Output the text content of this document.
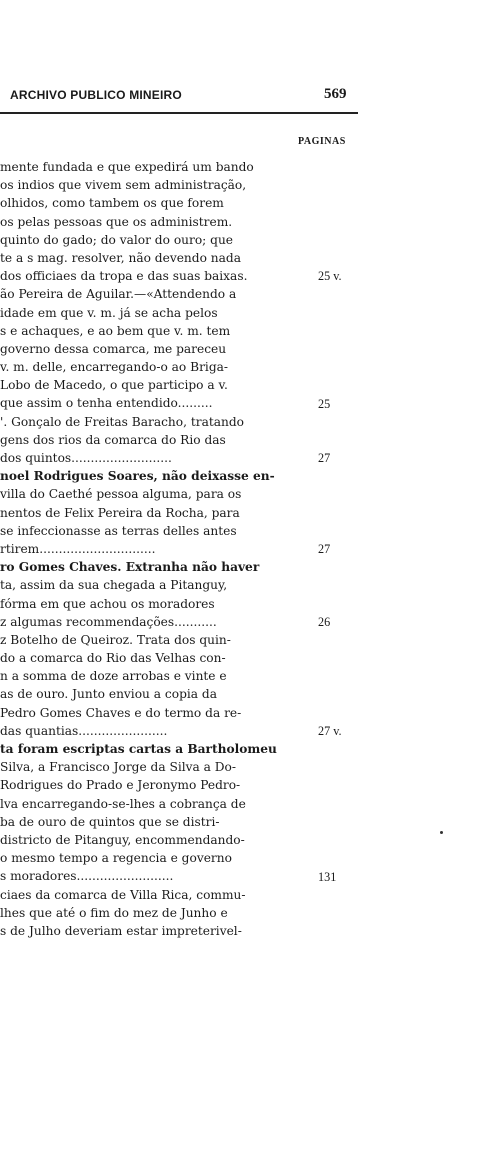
ARCHIVO PUBLICO MINEIRO	569
PAGINAS
mente fundada e que expedirá um bando
os indios que vivem sem administração,
olhidos, como tambem os que forem
os pelas pessoas que os administrem.
quinto do gado; do valor do ouro; que
te a s mag. resolver, não devendo nada
dos officiaes da tropa e das suas baixas.
ão Pereira de Aguilar.—«Attendendo a
idade em que v. m. já se acha pelos
s e achaques, e ao bem que v. m. tem
governo dessa comarca, me pareceu
v. m. delle, encarregando-o ao Briga-
Lobo de Macedo, o que participo a v.
que assim o tenha entendido.........
'. Gonçalo de Freitas Baracho, tratando
gens dos rios da comarca do Rio das
dos quintos..........................
noel Rodrigues Soares, não deixasse en-
villa do Caethé pessoa alguma, para os
nentos de Felix Pereira da Rocha, para
se infeccionasse as terras delles antes
rtirem..............................
ro Gomes Chaves. Extranha não haver
ta, assim da sua chegada a Pitanguy,
fórma em que achou os moradores
z algumas recommendações...........
z Botelho de Queiroz. Trata dos quin-
do a comarca do Rio das Velhas con-
n a somma de doze arrobas e vinte e
as de ouro. Junto enviou a copia da
Pedro Gomes Chaves e do termo da re-
das quantias.......................
ta foram escriptas cartas a Bartholomeu
Silva, a Francisco Jorge da Silva a Do-
Rodrigues do Prado e Jeronymo Pedro-
lva encarregando-se-lhes a cobrança de
ba de ouro de quintos que se distri-
districto de Pitanguy, encommendando-
o mesmo tempo a regencia e governo
s moradores.........................
ciaes da comarca de Villa Rica, commu-
lhes que até o fim do mez de Junho e
s de Julho deveriam estar impreterivel-
25 v.
25
27
27
26
27 v.
131
